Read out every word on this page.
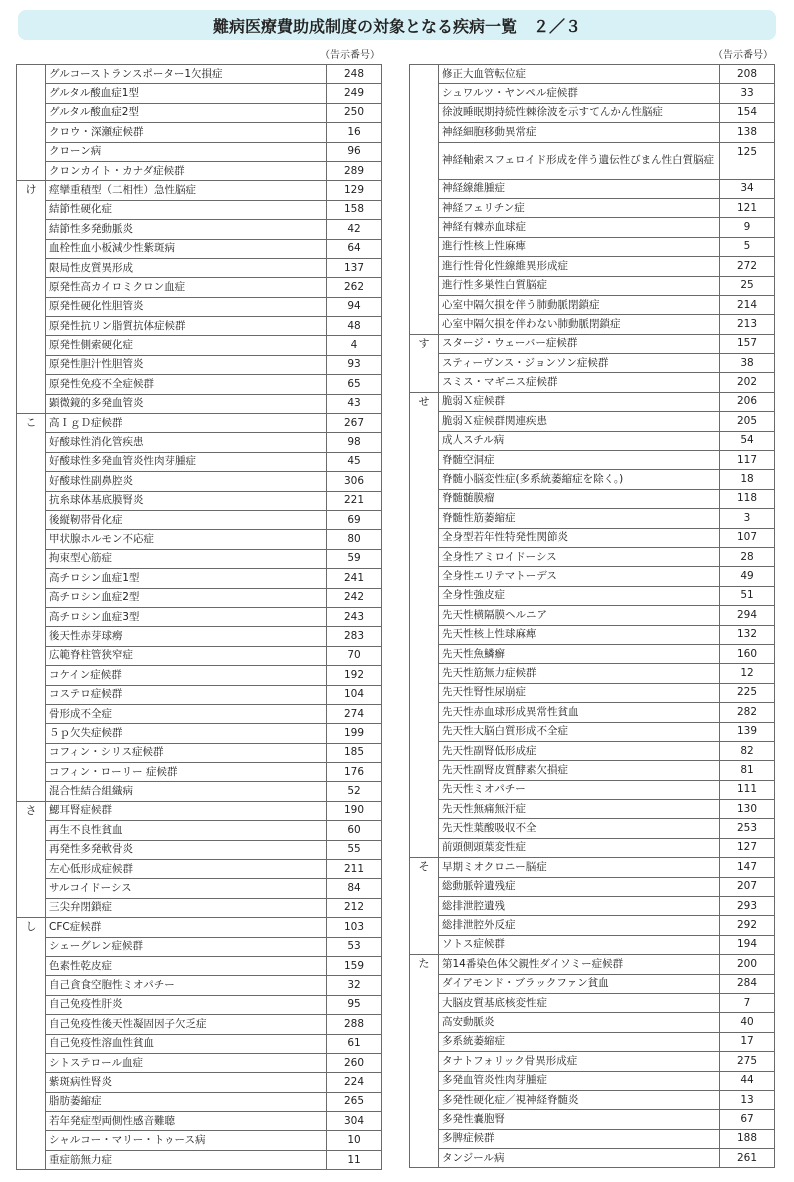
難病医療費助成制度の対象となる疾病一覧　２／３
（告示番号）
	グルコーストランスポーター1欠損症	248
	グルタル酸血症1型	249
	グルタル酸血症2型	250
	クロウ・深瀬症候群	16
	クローン病	96
	クロンカイト・カナダ症候群	289
け	痙攣重積型（二相性）急性脳症	129
	結節性硬化症	158
	結節性多発動脈炎	42
	血栓性血小板減少性紫斑病	64
	限局性皮質異形成	137
	原発性高カイロミクロン血症	262
	原発性硬化性胆管炎	94
	原発性抗リン脂質抗体症候群	48
	原発性側索硬化症	4
	原発性胆汁性胆管炎	93
	原発性免疫不全症候群	65
	顕微鏡的多発血管炎	43
こ	高ＩｇＤ症候群	267
	好酸球性消化管疾患	98
	好酸球性多発血管炎性肉芽腫症	45
	好酸球性副鼻腔炎	306
	抗糸球体基底膜腎炎	221
	後縦靭帯骨化症	69
	甲状腺ホルモン不応症	80
	拘束型心筋症	59
	高チロシン血症1型	241
	高チロシン血症2型	242
	高チロシン血症3型	243
	後天性赤芽球癆	283
	広範脊柱管狭窄症	70
	コケイン症候群	192
	コステロ症候群	104
	骨形成不全症	274
	５ｐ欠失症候群	199
	コフィン・シリス症候群	185
	コフィン・ローリー 症候群	176
	混合性結合組織病	52
さ	鰓耳腎症候群	190
	再生不良性貧血	60
	再発性多発軟骨炎	55
	左心低形成症候群	211
	サルコイドーシス	84
	三尖弁閉鎖症	212
し	CFC症候群	103
	シェーグレン症候群	53
	色素性乾皮症	159
	自己貪食空胞性ミオパチー	32
	自己免疫性肝炎	95
	自己免疫性後天性凝固因子欠乏症	288
	自己免疫性溶血性貧血	61
	シトステロール血症	260
	紫斑病性腎炎	224
	脂肪萎縮症	265
	若年発症型両側性感音難聴	304
	シャルコー・マリー・トゥース病	10
	重症筋無力症	11
（告示番号）
	修正大血管転位症	208
	シュワルツ・ヤンペル症候群	33
	徐波睡眠期持続性棘徐波を示すてんかん性脳症	154
	神経細胞移動異常症	138
	神経軸索スフェロイド形成を伴う遺伝性びまん性白質脳症	125
	神経線維腫症	34
	神経フェリチン症	121
	神経有棘赤血球症	9
	進行性核上性麻痺	5
	進行性骨化性線維異形成症	272
	進行性多巣性白質脳症	25
	心室中隔欠損を伴う肺動脈閉鎖症	214
	心室中隔欠損を伴わない肺動脈閉鎖症	213
す	スタージ・ウェーバー症候群	157
	スティーヴンス・ジョンソン症候群	38
	スミス・マギニス症候群	202
せ	脆弱Ｘ症候群	206
	脆弱Ｘ症候群関連疾患	205
	成人スチル病	54
	脊髄空洞症	117
	脊髄小脳変性症(多系統萎縮症を除く。)	18
	脊髄髄膜瘤	118
	脊髄性筋萎縮症	3
	全身型若年性特発性関節炎	107
	全身性アミロイドーシス	28
	全身性エリテマトーデス	49
	全身性強皮症	51
	先天性横隔膜ヘルニア	294
	先天性核上性球麻痺	132
	先天性魚鱗癬	160
	先天性筋無力症候群	12
	先天性腎性尿崩症	225
	先天性赤血球形成異常性貧血	282
	先天性大脳白質形成不全症	139
	先天性副腎低形成症	82
	先天性副腎皮質酵素欠損症	81
	先天性ミオパチー	111
	先天性無痛無汗症	130
	先天性葉酸吸収不全	253
	前頭側頭葉変性症	127
そ	早期ミオクロニー脳症	147
	総動脈幹遺残症	207
	総排泄腔遺残	293
	総排泄腔外反症	292
	ソトス症候群	194
た	第14番染色体父親性ダイソミー症候群	200
	ダイアモンド・ブラックファン貧血	284
	大脳皮質基底核変性症	7
	高安動脈炎	40
	多系統萎縮症	17
	タナトフォリック骨異形成症	275
	多発血管炎性肉芽腫症	44
	多発性硬化症／視神経脊髄炎	13
	多発性嚢胞腎	67
	多脾症候群	188
	タンジール病	261
